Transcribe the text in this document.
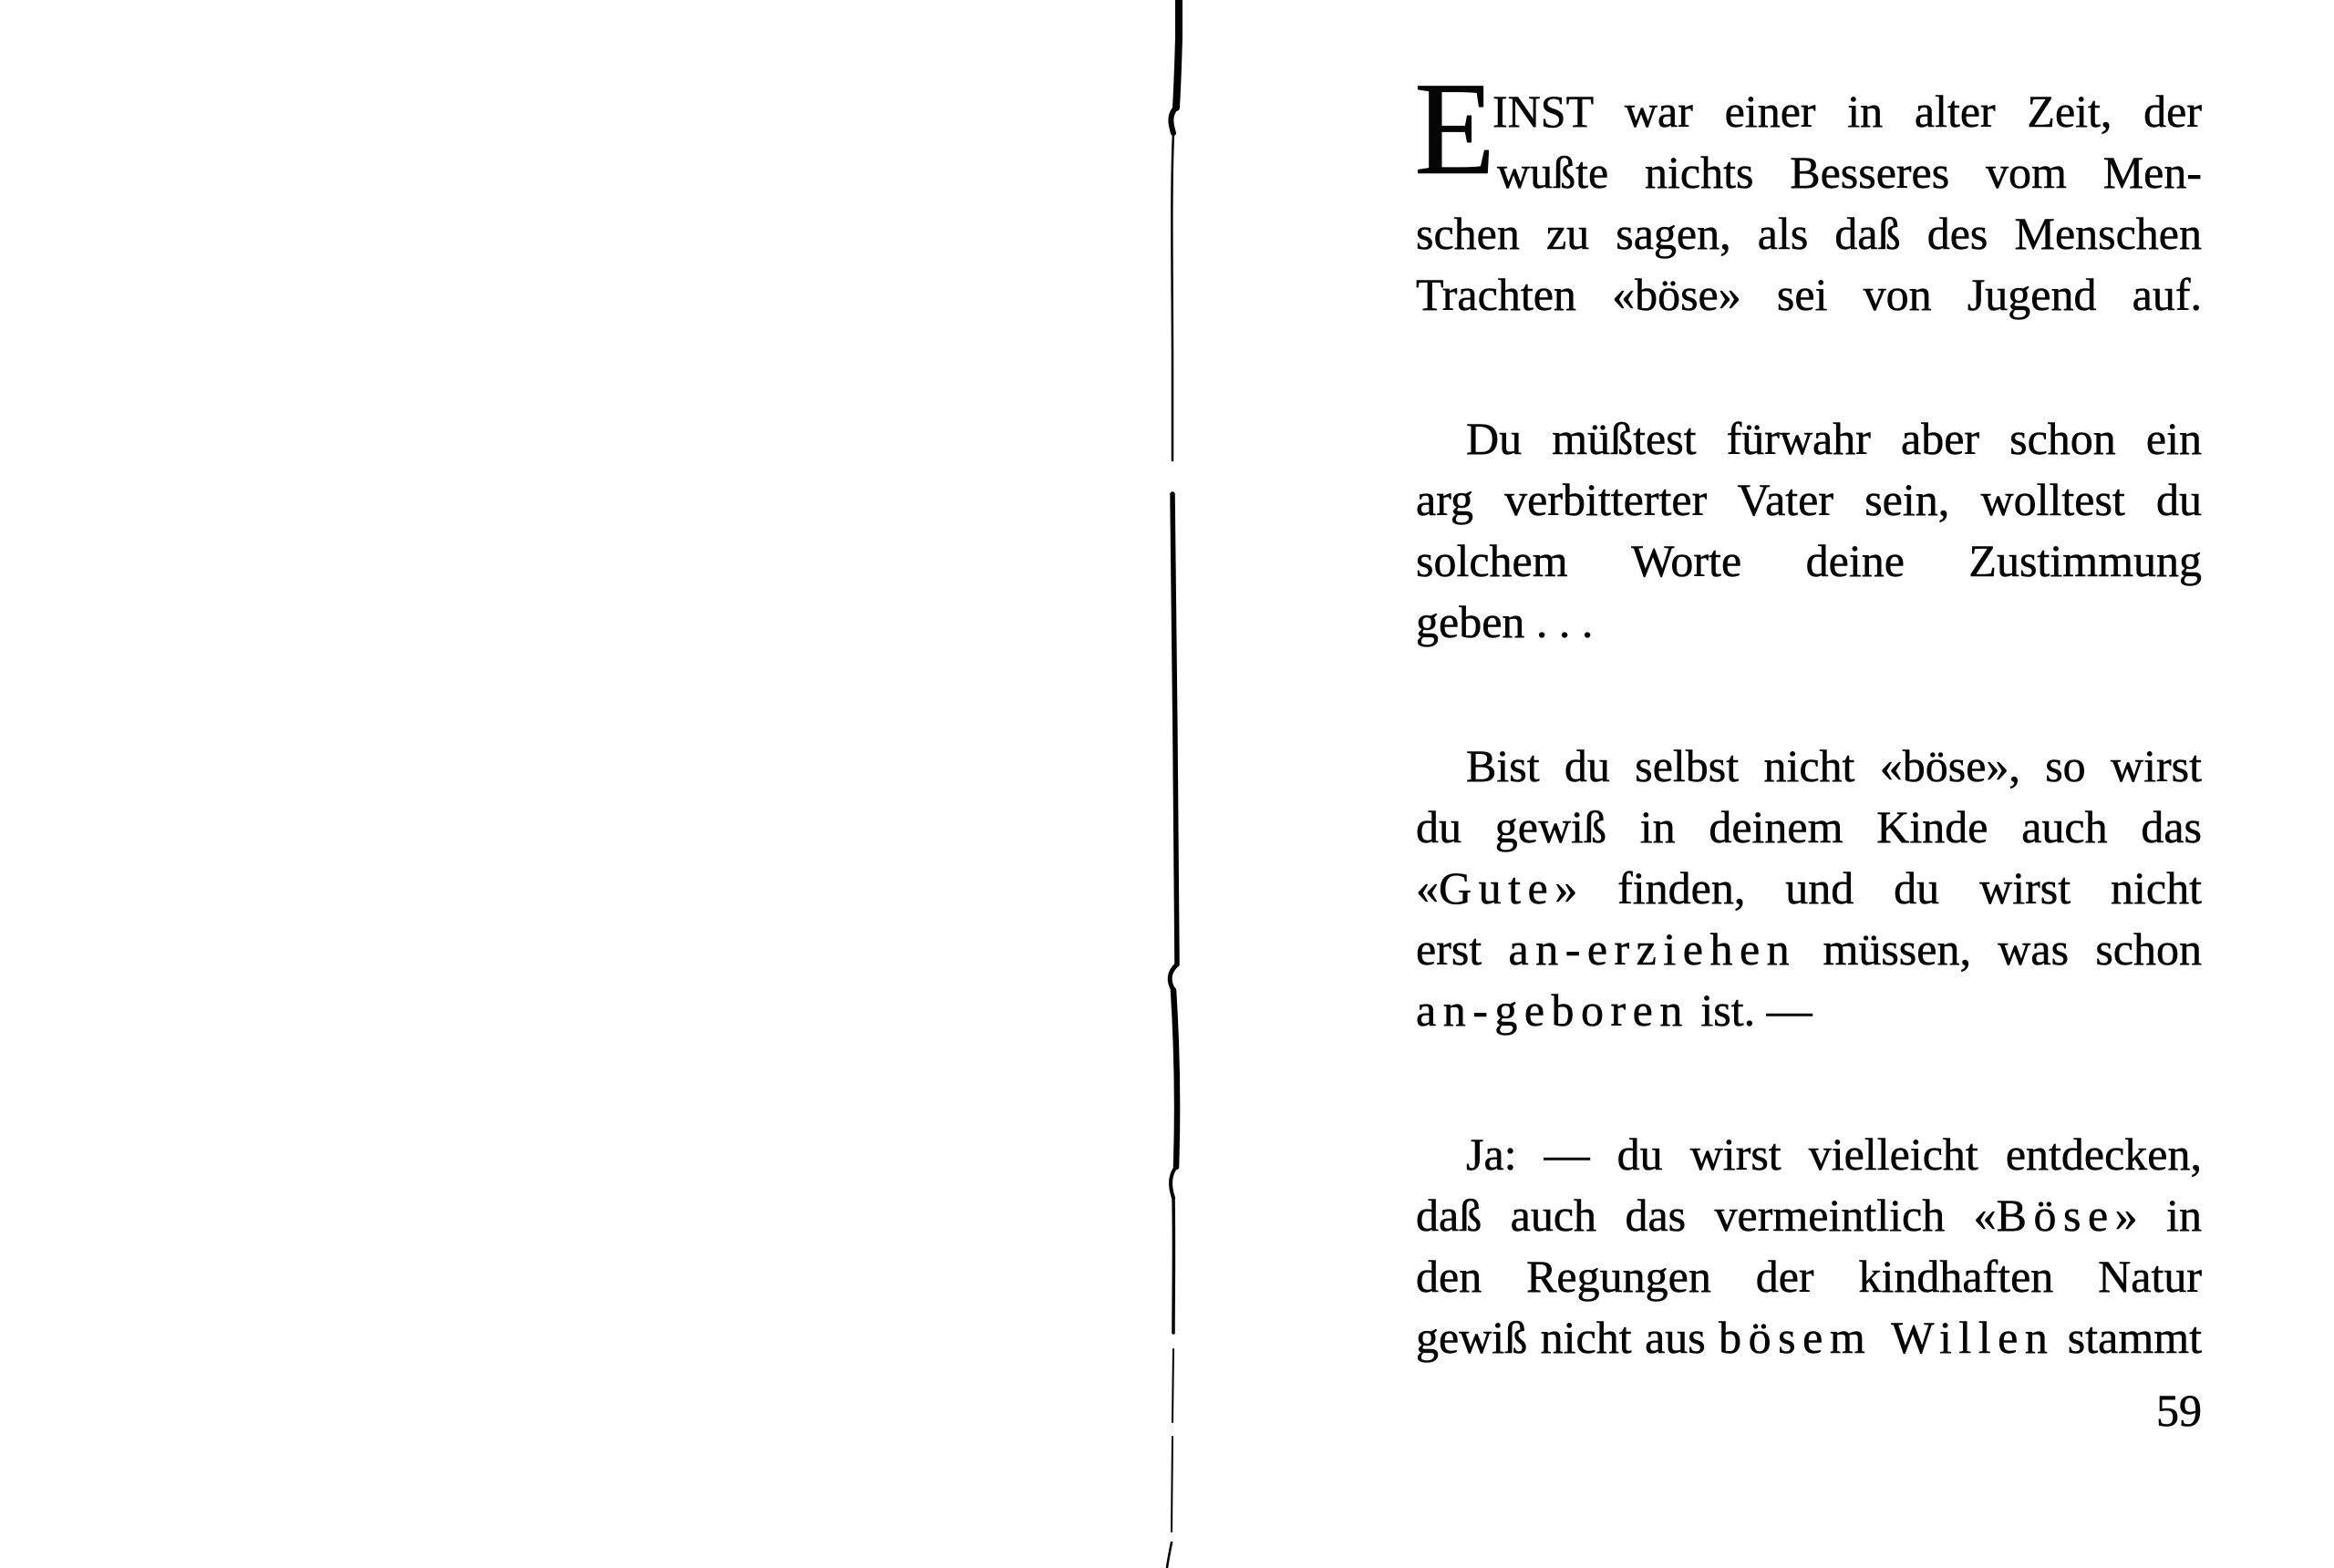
E
INST war einer in alter Zeit, der
wußte nichts Besseres vom Men-
schen zu sagen, als daß des Menschen
Trachten «böse» sei von Jugend auf.
Du müßtest fürwahr aber schon ein
arg verbitterter Vater sein, wolltest du
solchem Worte deine Zustimmung
geben . . .
Bist du selbst nicht «böse», so wirst
du gewiß in deinem Kinde auch das
«Gute» finden, und du wirst nicht
erst an-erziehen müssen, was schon
an-geboren ist. —
Ja: — du wirst vielleicht entdecken,
daß auch das vermeintlich «Böse» in
den Regungen der kindhaften Natur
gewiß nicht aus bösem Willen stammt
59
